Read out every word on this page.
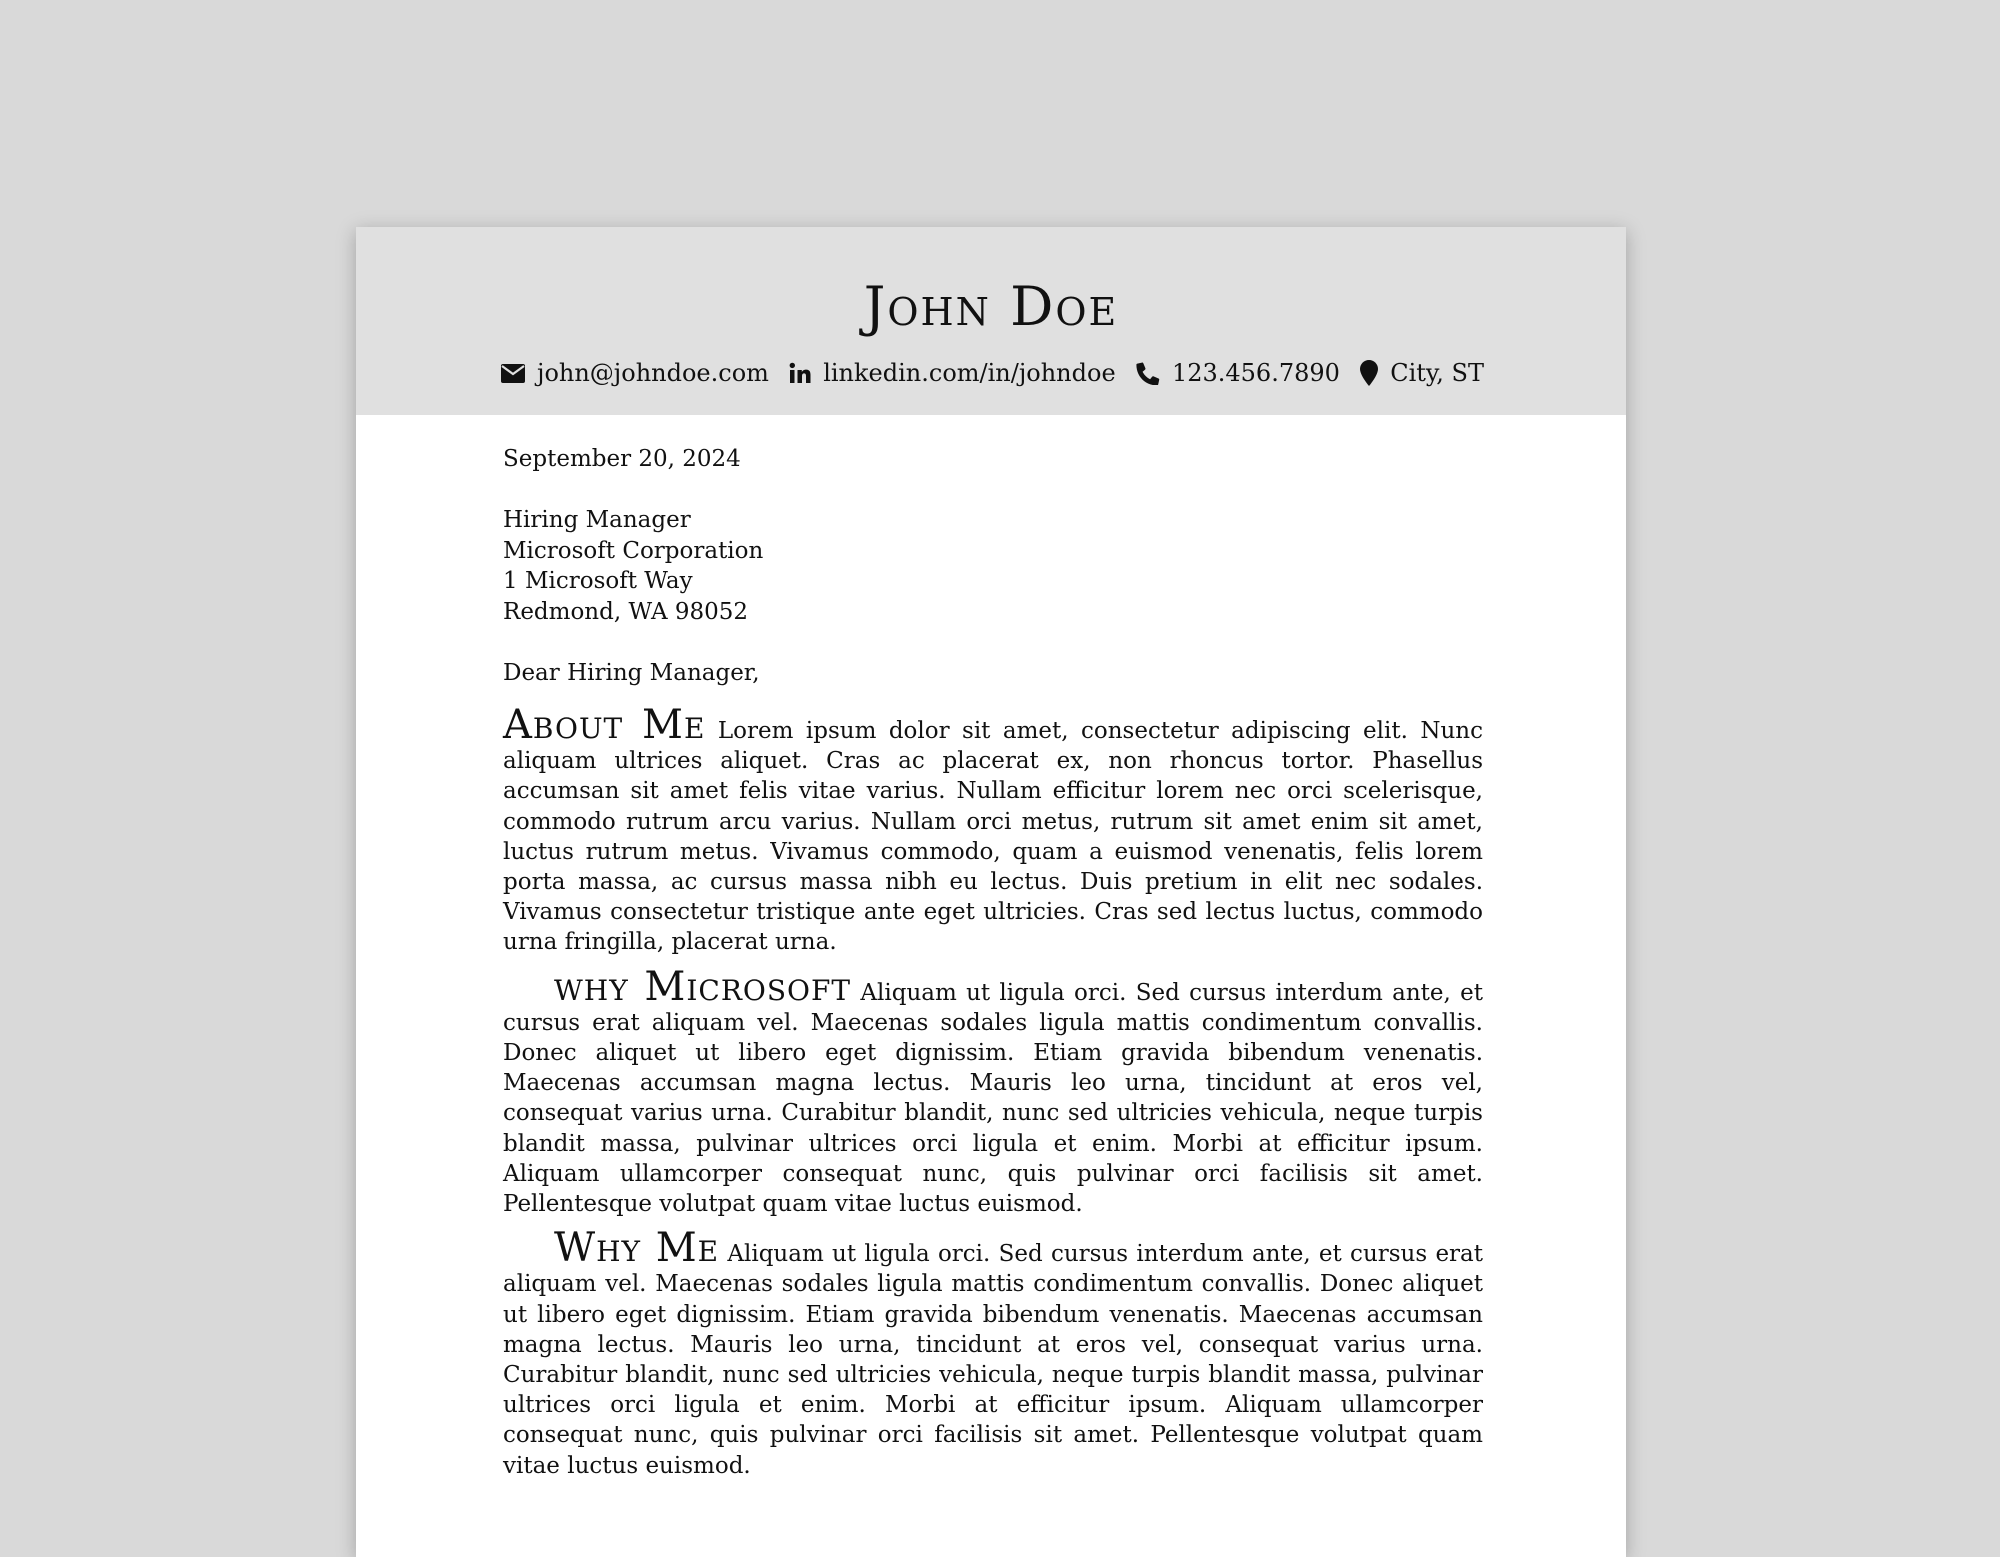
John Doe
john@johndoe.com linkedin.com/in/johndoe 123.456.7890 City, ST
September 20, 2024
Hiring Manager
Microsoft Corporation
1 Microsoft Way
Redmond, WA 98052
Dear Hiring Manager,

About Me Lorem ipsum dolor sit amet, consectetur adipiscing elit. Nunc aliquam ultrices aliquet. Cras ac placerat ex, non rhoncus tortor. Phasellus accumsan sit amet felis vitae varius. Nullam efficitur lorem nec orci scelerisque, commodo rutrum arcu varius. Nullam orci metus, rutrum sit amet enim sit amet, luctus rutrum metus. Vivamus commodo, quam a euismod venenatis, felis lorem porta massa, ac cursus massa nibh eu lectus. Duis pretium in elit nec sodales. Vivamus consectetur tristique ante eget ultricies. Cras sed lectus luctus, commodo urna fringilla, placerat urna.

why Microsoft Aliquam ut ligula orci. Sed cursus interdum ante, et cursus erat aliquam vel. Maecenas sodales ligula mattis condimentum convallis. Donec aliquet ut libero eget dignissim. Etiam gravida bibendum venenatis. Maecenas accumsan magna lectus. Mauris leo urna, tincidunt at eros vel, consequat varius urna. Curabitur blandit, nunc sed ultricies vehicula, neque turpis blandit massa, pulvinar ultrices orci ligula et enim. Morbi at efficitur ipsum. Aliquam ullamcorper consequat nunc, quis pulvinar orci facilisis sit amet. Pellentesque volutpat quam vitae luctus euismod.

Why Me Aliquam ut ligula orci. Sed cursus interdum ante, et cursus erat aliquam vel. Maecenas sodales ligula mattis condimentum convallis. Donec aliquet ut libero eget dignissim. Etiam gravida bibendum venenatis. Maecenas accumsan magna lectus. Mauris leo urna, tincidunt at eros vel, consequat varius urna. Curabitur blandit, nunc sed ultricies vehicula, neque turpis blandit massa, pulvinar ultrices orci ligula et enim. Morbi at efficitur ipsum. Aliquam ullamcorper consequat nunc, quis pulvinar orci facilisis sit amet. Pellentesque volutpat quam vitae luctus euismod.
